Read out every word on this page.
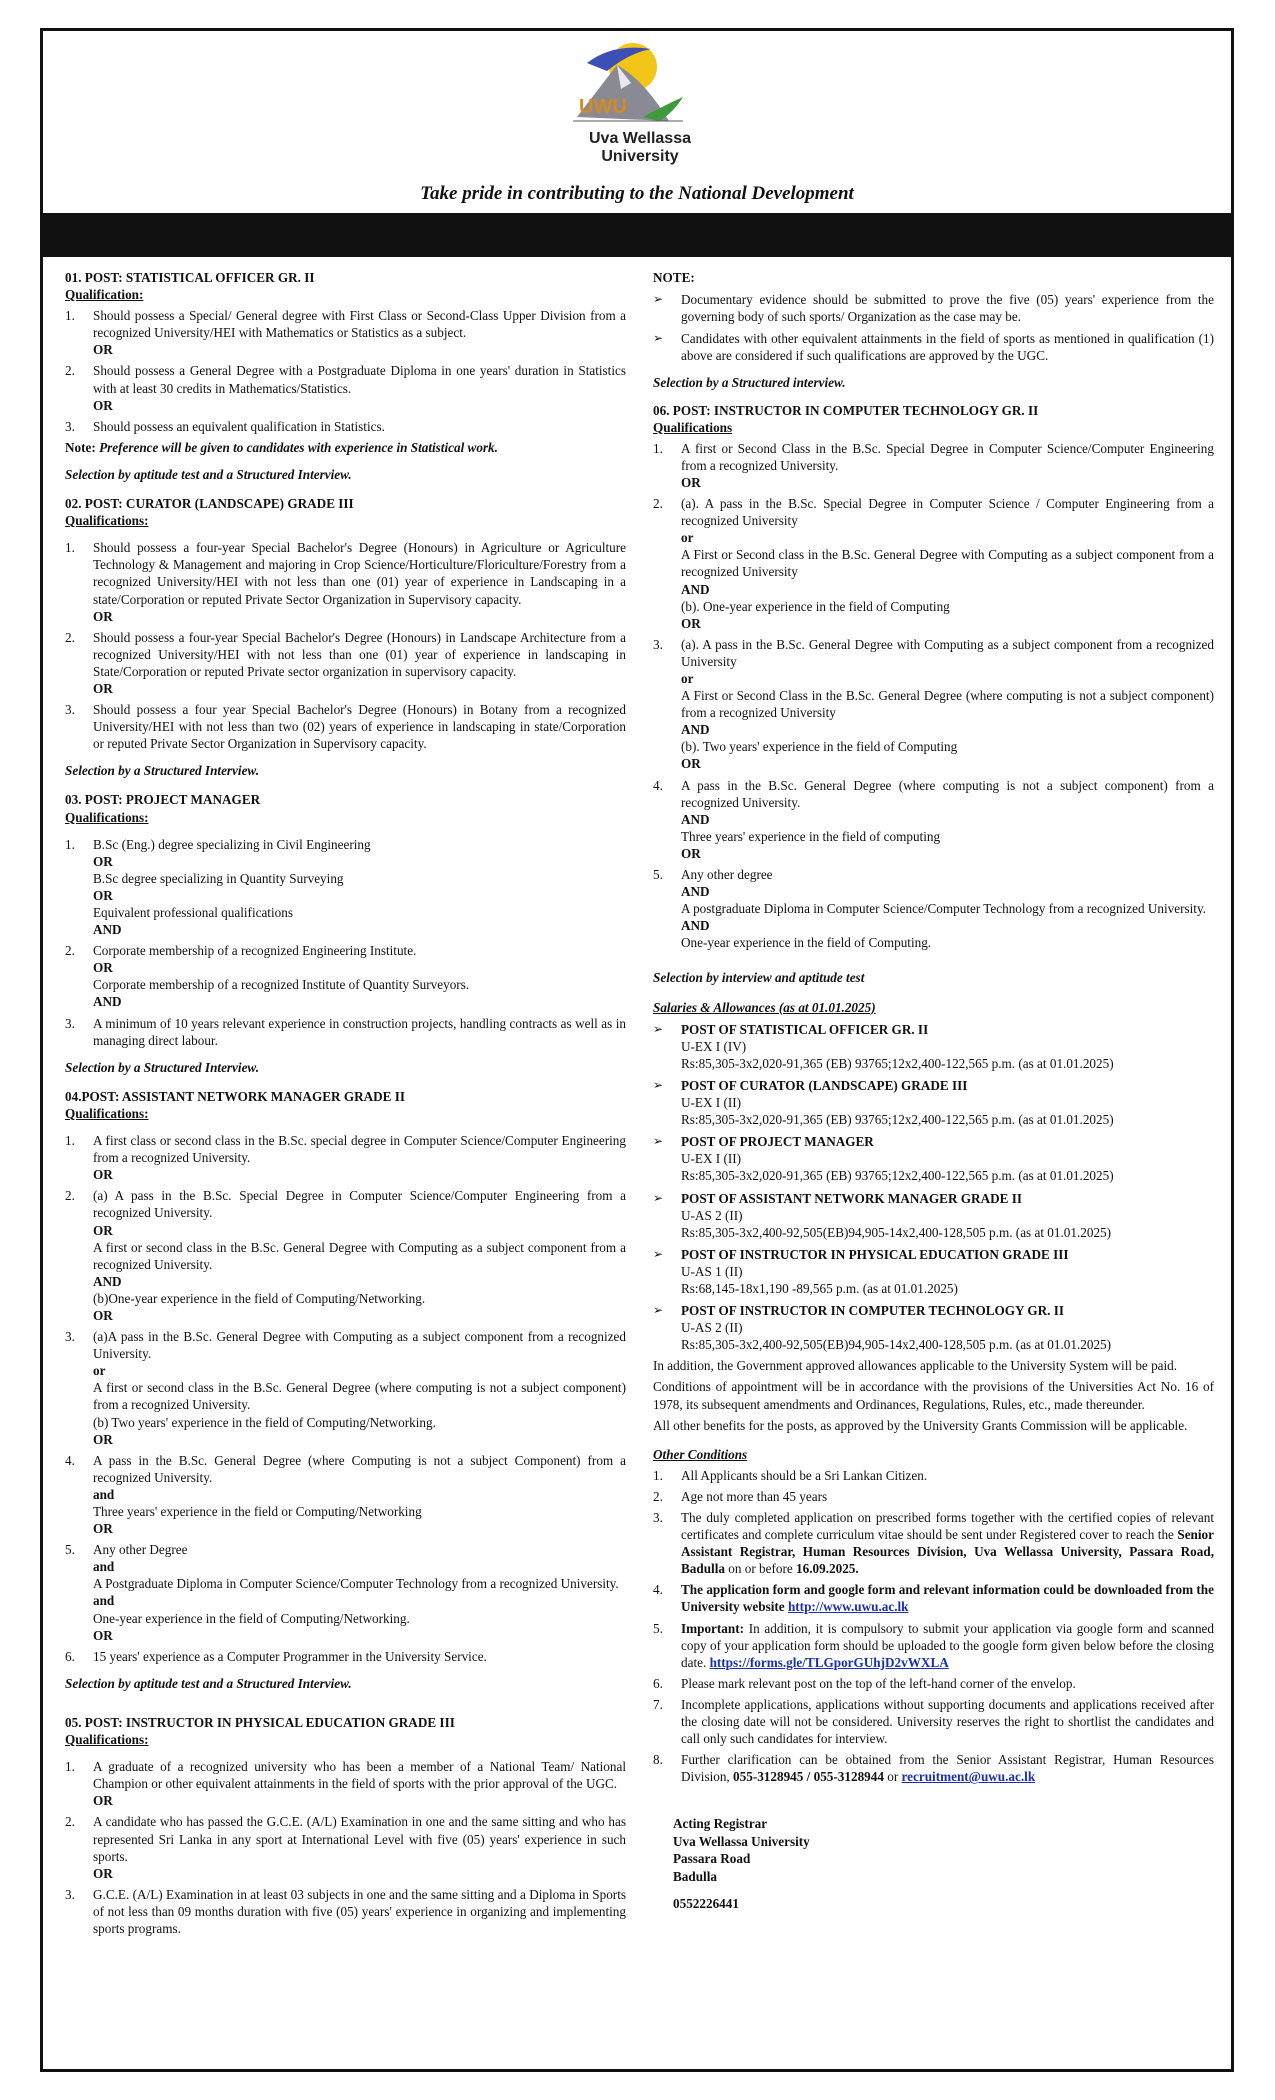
UWU
Uva Wellassa
University
Take pride in contributing to the National Development
01. POST: STATISTICAL OFFICER GR. II
Qualification:
1.	Should possess a Special/ General degree with First Class or Second-Class Upper Division from a recognized University/HEI with Mathematics or Statistics as a subject.
OR
2.	Should possess a General Degree with a Postgraduate Diploma in one years' duration in Statistics with at least 30 credits in Mathematics/Statistics.
OR
3.	Should possess an equivalent qualification in Statistics.
Note: Preference will be given to candidates with experience in Statistical work.
Selection by aptitude test and a Structured Interview.
02. POST: CURATOR (LANDSCAPE) GRADE III
Qualifications:
1.	Should possess a four-year Special Bachelor's Degree (Honours) in Agriculture or Agriculture Technology & Management and majoring in Crop Science/Horticulture/Floriculture/Forestry from a recognized University/HEI with not less than one (01) year of experience in Landscaping in a state/Corporation or reputed Private Sector Organization in Supervisory capacity.
OR
2.	Should possess a four-year Special Bachelor's Degree (Honours) in Landscape Architecture from a recognized University/HEI with not less than one (01) year of experience in landscaping in State/Corporation or reputed Private sector organization in supervisory capacity.
OR
3.	Should possess a four year Special Bachelor's Degree (Honours) in Botany from a recognized University/HEI with not less than two (02) years of experience in landscaping in state/Corporation or reputed Private Sector Organization in Supervisory capacity.
Selection by a Structured Interview.
03. POST: PROJECT MANAGER
Qualifications:
1.	B.Sc (Eng.) degree specializing in Civil Engineering
OR
B.Sc degree specializing in Quantity Surveying
OR
Equivalent professional qualifications
AND
2.	Corporate membership of a recognized Engineering Institute.
OR
Corporate membership of a recognized Institute of Quantity Surveyors.
AND
3.	A minimum of 10 years relevant experience in construction projects, handling contracts as well as in managing direct labour.
Selection by a Structured Interview.
04.POST: ASSISTANT NETWORK MANAGER GRADE II
Qualifications:
1.	A first class or second class in the B.Sc. special degree in Computer Science/Computer Engineering from a recognized University.
OR
2.	(a) A pass in the B.Sc. Special Degree in Computer Science/Computer Engineering from a recognized University.
OR
A first or second class in the B.Sc. General Degree with Computing as a subject component from a recognized University.
AND
(b)One-year experience in the field of Computing/Networking.
OR
3.	(a)A pass in the B.Sc. General Degree with Computing as a subject component from a recognized University.
or
A first or second class in the B.Sc. General Degree (where computing is not a subject component) from a recognized University.
(b) Two years' experience in the field of Computing/Networking.
OR
4.	A pass in the B.Sc. General Degree (where Computing is not a subject Component) from a recognized University.
and
Three years' experience in the field or Computing/Networking
OR
5.	Any other Degree
and
A Postgraduate Diploma in Computer Science/Computer Technology from a recognized University.
and
One-year experience in the field of Computing/Networking.
OR
6.	15 years' experience as a Computer Programmer in the University Service.
Selection by aptitude test and a Structured Interview.
05. POST: INSTRUCTOR IN PHYSICAL EDUCATION GRADE III
Qualifications:
1.	A graduate of a recognized university who has been a member of a National Team/ National Champion or other equivalent attainments in the field of sports with the prior approval of the UGC.
OR
2.	A candidate who has passed the G.C.E. (A/L) Examination in one and the same sitting and who has represented Sri Lanka in any sport at International Level with five (05) years' experience in such sports.
OR
3.	G.C.E. (A/L) Examination in at least 03 subjects in one and the same sitting and a Diploma in Sports of not less than 09 months duration with five (05) years' experience in organizing and implementing sports programs.
NOTE:
➢	Documentary evidence should be submitted to prove the five (05) years' experience from the governing body of such sports/ Organization as the case may be.
➢	Candidates with other equivalent attainments in the field of sports as mentioned in qualification (1) above are considered if such qualifications are approved by the UGC.
Selection by a Structured interview.
06. POST: INSTRUCTOR IN COMPUTER TECHNOLOGY GR. II
Qualifications
1.	A first or Second Class in the B.Sc. Special Degree in Computer Science/Computer Engineering from a recognized University.
OR
2.	(a). A pass in the B.Sc. Special Degree in Computer Science / Computer Engineering from a recognized University
or
A First or Second class in the B.Sc. General Degree with Computing as a subject component from a recognized University
AND
(b). One-year experience in the field of Computing
OR
3.	(a). A pass in the B.Sc. General Degree with Computing as a subject component from a recognized University
or
A First or Second Class in the B.Sc. General Degree (where computing is not a subject component) from a recognized University
AND
(b). Two years' experience in the field of Computing
OR
4.	A pass in the B.Sc. General Degree (where computing is not a subject component) from a recognized University.
AND
Three years' experience in the field of computing
OR
5.	Any other degree
AND
A postgraduate Diploma in Computer Science/Computer Technology from a recognized University.
AND
One-year experience in the field of Computing.
Selection by interview and aptitude test
Salaries & Allowances (as at 01.01.2025)
➢	POST OF STATISTICAL OFFICER GR. II
U-EX I (IV)
Rs:85,305-3x2,020-91,365 (EB) 93765;12x2,400-122,565 p.m. (as at 01.01.2025)
➢	POST OF CURATOR (LANDSCAPE) GRADE III
U-EX I (II)
Rs:85,305-3x2,020-91,365 (EB) 93765;12x2,400-122,565 p.m. (as at 01.01.2025)
➢	POST OF PROJECT MANAGER
U-EX I (II)
Rs:85,305-3x2,020-91,365 (EB) 93765;12x2,400-122,565 p.m. (as at 01.01.2025)
➢	POST OF ASSISTANT NETWORK MANAGER GRADE II
U-AS 2 (II)
Rs:85,305-3x2,400-92,505(EB)94,905-14x2,400-128,505 p.m. (as at 01.01.2025)
➢	POST OF INSTRUCTOR IN PHYSICAL EDUCATION GRADE III
U-AS 1 (II)
Rs:68,145-18x1,190 -89,565 p.m. (as at 01.01.2025)
➢	POST OF INSTRUCTOR IN COMPUTER TECHNOLOGY GR. II
U-AS 2 (II)
Rs:85,305-3x2,400-92,505(EB)94,905-14x2,400-128,505 p.m. (as at 01.01.2025)
In addition, the Government approved allowances applicable to the University System will be paid.
Conditions of appointment will be in accordance with the provisions of the Universities Act No. 16 of 1978, its subsequent amendments and Ordinances, Regulations, Rules, etc., made thereunder.
All other benefits for the posts, as approved by the University Grants Commission will be applicable.
Other Conditions
1.	All Applicants should be a Sri Lankan Citizen.
2.	Age not more than 45 years
3.	The duly completed application on prescribed forms together with the certified copies of relevant certificates and complete curriculum vitae should be sent under Registered cover to reach the Senior Assistant Registrar, Human Resources Division, Uva Wellassa University, Passara Road, Badulla on or before 16.09.2025.
4.	The application form and google form and relevant information could be downloaded from the University website http://www.uwu.ac.lk
5.	Important: In addition, it is compulsory to submit your application via google form and scanned copy of your application form should be uploaded to the google form given below before the closing date. https://forms.gle/TLGporGUhjD2vWXLA
6.	Please mark relevant post on the top of the left-hand corner of the envelop.
7.	Incomplete applications, applications without supporting documents and applications received after the closing date will not be considered. University reserves the right to shortlist the candidates and call only such candidates for interview.
8.	Further clarification can be obtained from the Senior Assistant Registrar, Human Resources Division, 055-3128945 / 055-3128944 or recruitment@uwu.ac.lk
Acting Registrar
Uva Wellassa University
Passara Road
Badulla
0552226441
